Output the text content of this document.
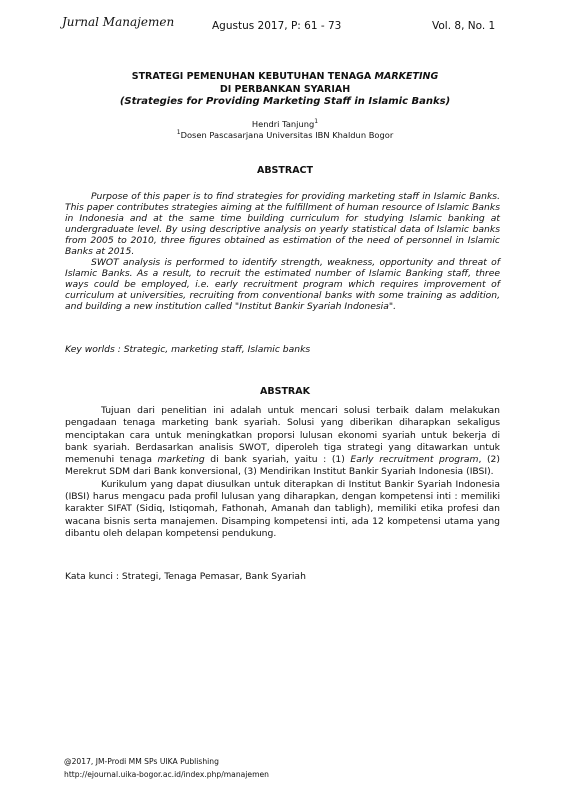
Jurnal Manajemen	Agustus 2017, P: 61 - 73	Vol. 8, No. 1
STRATEGI PEMENUHAN KEBUTUHAN TENAGA MARKETING
DI PERBANKAN SYARIAH
(Strategies for Providing Marketing Staff in Islamic Banks)
Hendri Tanjung$^1$
$^1$Dosen Pascasarjana Universitas IBN Khaldun Bogor
ABSTRACT

Purpose of this paper is to find strategies for providing marketing staff in Islamic Banks. This paper contributes strategies aiming at the fulfillment of human resource of Islamic Banks in Indonesia and at the same time building curriculum for studying Islamic banking at undergraduate level. By using descriptive analysis on yearly statistical data of Islamic banks from 2005 to 2010, three figures obtained as estimation of the need of personnel in Islamic Banks at 2015.

SWOT analysis is performed to identify strength, weakness, opportunity and threat of Islamic Banks. As a result, to recruit the estimated number of Islamic Banking staff, three ways could be employed, i.e. early recruitment program which requires improvement of curriculum at universities, recruiting from conventional banks with some training as addition, and building a new institution called "Institut Bankir Syariah Indonesia".

Key worlds : Strategic, marketing staff, Islamic banks
ABSTRAK

Tujuan dari penelitian ini adalah untuk mencari solusi terbaik dalam melakukan pengadaan tenaga marketing bank syariah. Solusi yang diberikan diharapkan sekaligus menciptakan cara untuk meningkatkan proporsi lulusan ekonomi syariah untuk bekerja di bank syariah. Berdasarkan analisis SWOT, diperoleh tiga strategi yang ditawarkan untuk memenuhi tenaga marketing di bank syariah, yaitu : (1) Early recruitment program, (2) Merekrut SDM dari Bank konversional, (3) Mendirikan Institut Bankir Syariah Indonesia (IBSI).

Kurikulum yang dapat diusulkan untuk diterapkan di Institut Bankir Syariah Indonesia (IBSI) harus mengacu pada profil lulusan yang diharapkan, dengan kompetensi inti : memiliki karakter SIFAT (Sidiq, Istiqomah, Fathonah, Amanah dan tabligh), memiliki etika profesi dan wacana bisnis serta manajemen. Disamping kompetensi inti, ada 12 kompetensi utama yang dibantu oleh delapan kompetensi pendukung.

Kata kunci : Strategi, Tenaga Pemasar, Bank Syariah
@2017, JM-Prodi MM SPs UIKA Publishing
http://ejournal.uika-bogor.ac.id/index.php/manajemen
